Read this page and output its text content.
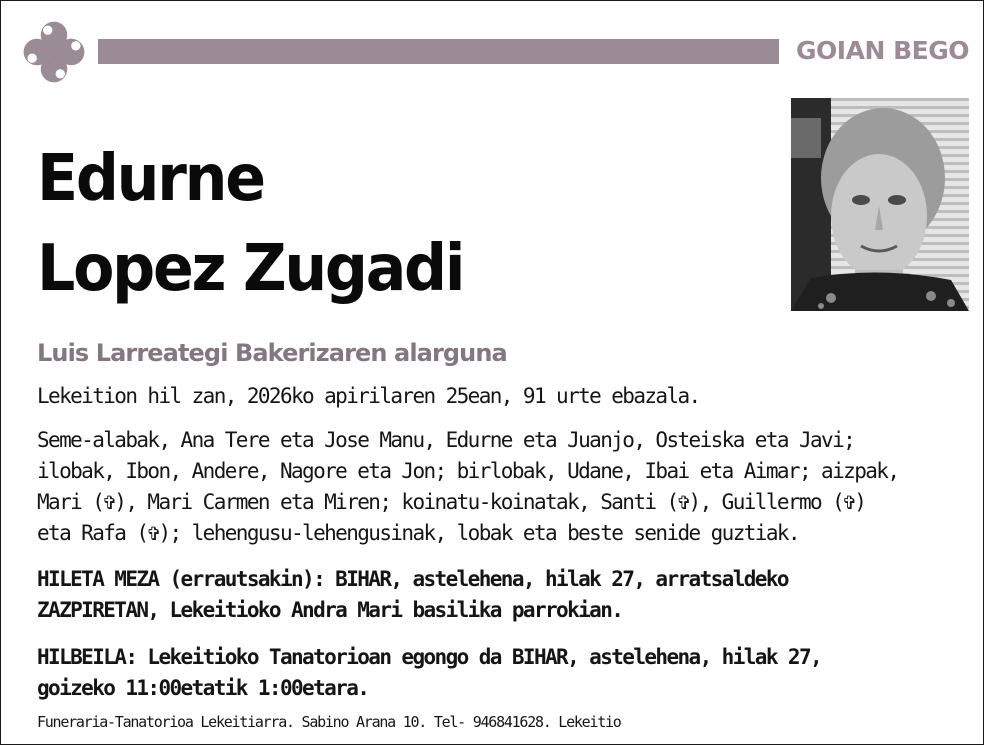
GOIAN BEGO
Edurne
Lopez Zugadi
Luis Larreategi Bakerizaren alarguna
Lekeition hil zan, 2026ko apirilaren 25ean, 91 urte ebazala.
Seme-alabak, Ana Tere eta Jose Manu, Edurne eta Juanjo, Osteiska eta Javi;
ilobak, Ibon, Andere, Nagore eta Jon; birlobak, Udane, Ibai eta Aimar; aizpak,
Mari (✞), Mari Carmen eta Miren; koinatu-koinatak, Santi (✞), Guillermo (✞)
eta Rafa (✞); lehengusu-lehengusinak, lobak eta beste senide guztiak.
HILETA MEZA (errautsakin): BIHAR, astelehena, hilak 27, arratsaldeko
ZAZPIRETAN, Lekeitioko Andra Mari basilika parrokian.
HILBEILA: Lekeitioko Tanatorioan egongo da BIHAR, astelehena, hilak 27,
goizeko 11:00etatik 1:00etara.
Funeraria-Tanatorioa Lekeitiarra. Sabino Arana 10. Tel- 946841628. Lekeitio
